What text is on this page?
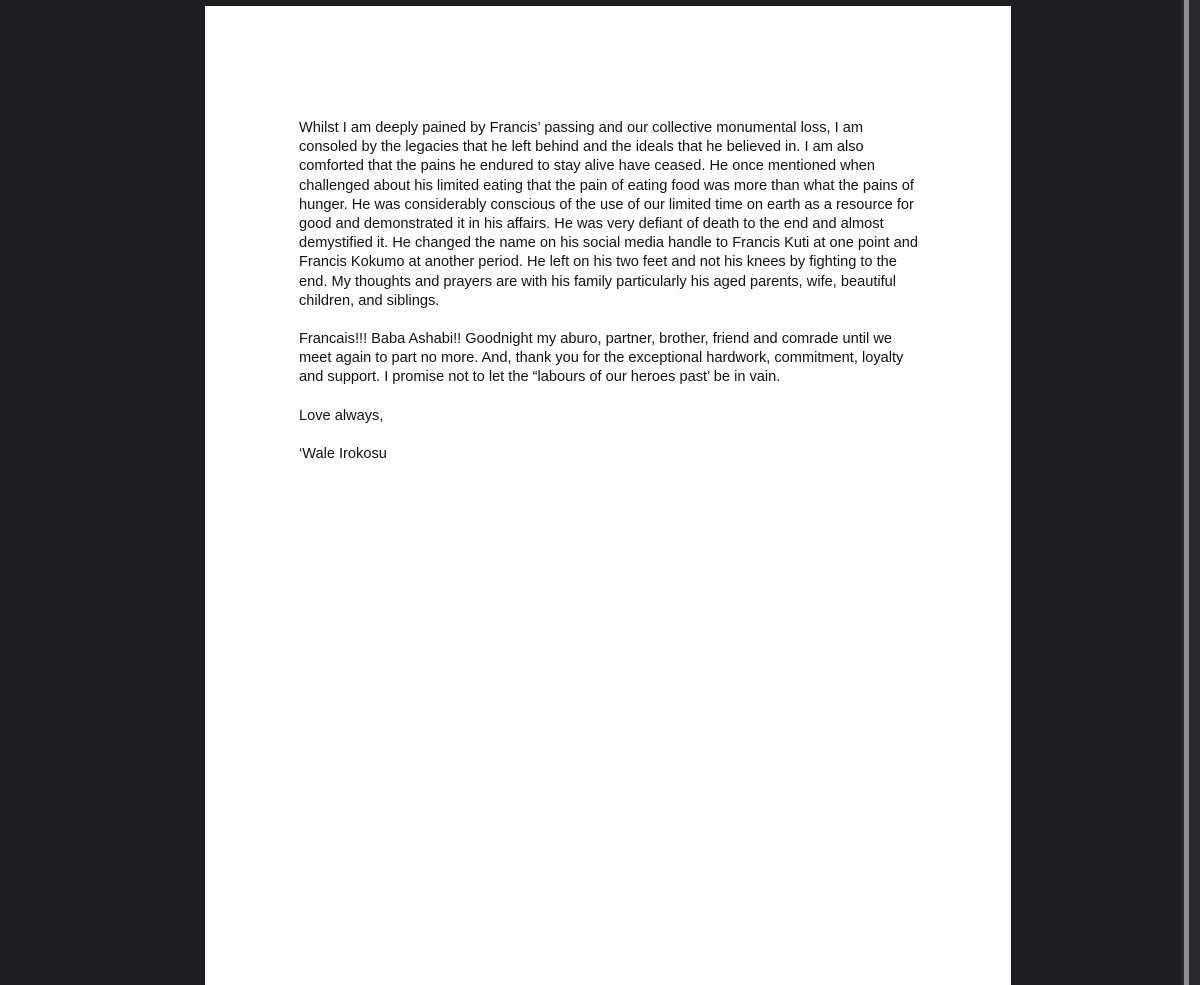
Whilst I am deeply pained by Francis’ passing and our collective monumental loss, I am consoled by the legacies that he left behind and the ideals that he believed in. I am also comforted that the pains he endured to stay alive have ceased. He once mentioned when challenged about his limited eating that the pain of eating food was more than what the pains of hunger. He was considerably conscious of the use of our limited time on earth as a resource for good and demonstrated it in his affairs. He was very defiant of death to the end and almost demystified it. He changed the name on his social media handle to Francis Kuti at one point and Francis Kokumo at another period. He left on his two feet and not his knees by fighting to the end. My thoughts and prayers are with his family particularly his aged parents, wife, beautiful children, and siblings.

Francais!!! Baba Ashabi!! Goodnight my aburo, partner, brother, friend and comrade until we meet again to part no more. And, thank you for the exceptional hardwork, commitment, loyalty and support. I promise not to let the “labours of our heroes past’ be in vain.

Love always,

‘Wale Irokosu
